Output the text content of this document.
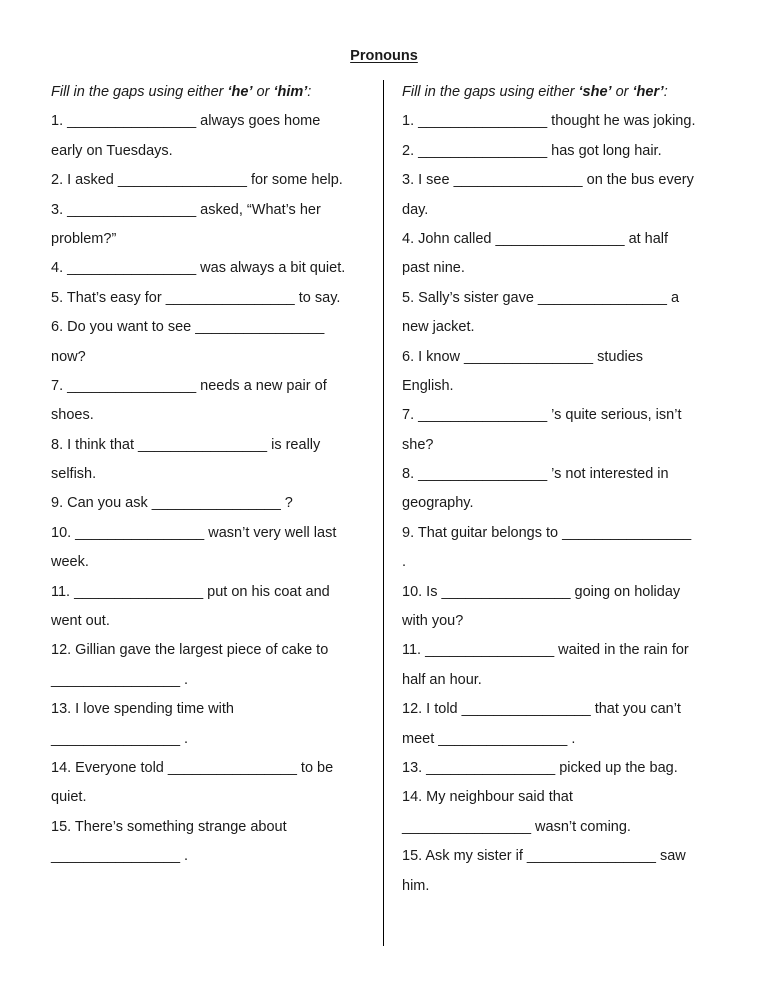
Pronouns
Fill in the gaps using either ‘he’ or ‘him’:
1. ________________ always goes home
early on Tuesdays.
2. I asked ________________ for some help.
3. ________________ asked, “What’s her
problem?”
4. ________________ was always a bit quiet.
5. That’s easy for ________________ to say.
6. Do you want to see ________________
now?
7. ________________ needs a new pair of
shoes.
8. I think that ________________ is really
selfish.
9. Can you ask ________________ ?
10. ________________ wasn’t very well last
week.
11. ________________ put on his coat and
went out.
12. Gillian gave the largest piece of cake to
________________ .
13. I love spending time with
________________ .
14. Everyone told ________________ to be
quiet.
15. There’s something strange about
________________ .
Fill in the gaps using either ‘she’ or ‘her’:
1. ________________ thought he was joking.
2. ________________ has got long hair.
3. I see ________________ on the bus every
day.
4. John called ________________ at half
past nine.
5. Sally’s sister gave ________________ a
new jacket.
6. I know ________________ studies
English.
7. ________________ ’s quite serious, isn’t
she?
8. ________________ ’s not interested in
geography.
9. That guitar belongs to ________________
.
10. Is ________________ going on holiday
with you?
11. ________________ waited in the rain for
half an hour.
12. I told ________________ that you can’t
meet ________________ .
13. ________________ picked up the bag.
14. My neighbour said that
________________ wasn’t coming.
15. Ask my sister if ________________ saw
him.
